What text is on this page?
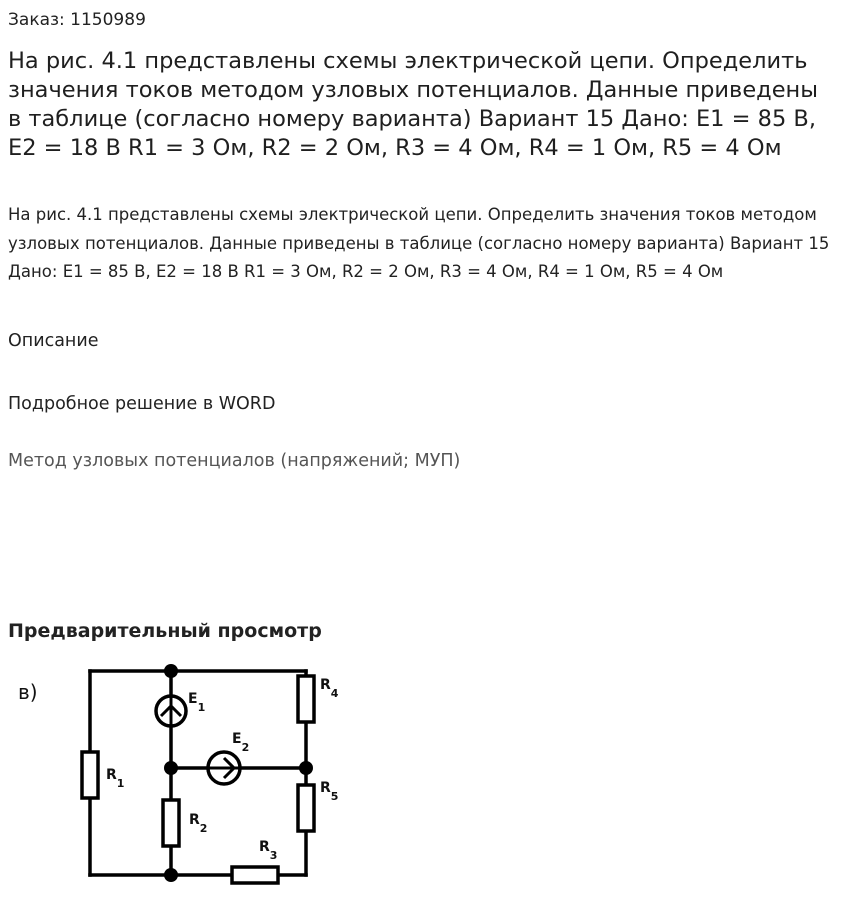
Заказ: 1150989
На рис. 4.1 представлены схемы электрической цепи. Определить значения токов методом узловых потенциалов. Данные приведены в таблице (согласно номеру варианта) Вариант 15 Дано: E1 = 85 В, E2 = 18 В R1 = 3 Ом, R2 = 2 Ом, R3 = 4 Ом, R4 = 1 Ом, R5 = 4 Ом
На рис. 4.1 представлены схемы электрической цепи. Определить значения токов методом узловых потенциалов. Данные приведены в таблице (согласно номеру варианта) Вариант 15 Дано: E1 = 85 В, E2 = 18 В R1 = 3 Ом, R2 = 2 Ом, R3 = 4 Ом, R4 = 1 Ом, R5 = 4 Ом
Описание
Подробное решение в WORD
Метод узловых потенциалов (напряжений; МУП)
Предварительный просмотр
в)	$E_1$
$E_2$
$R_1$
$R_2$
$R_3$
$R_4$
$R_5$
